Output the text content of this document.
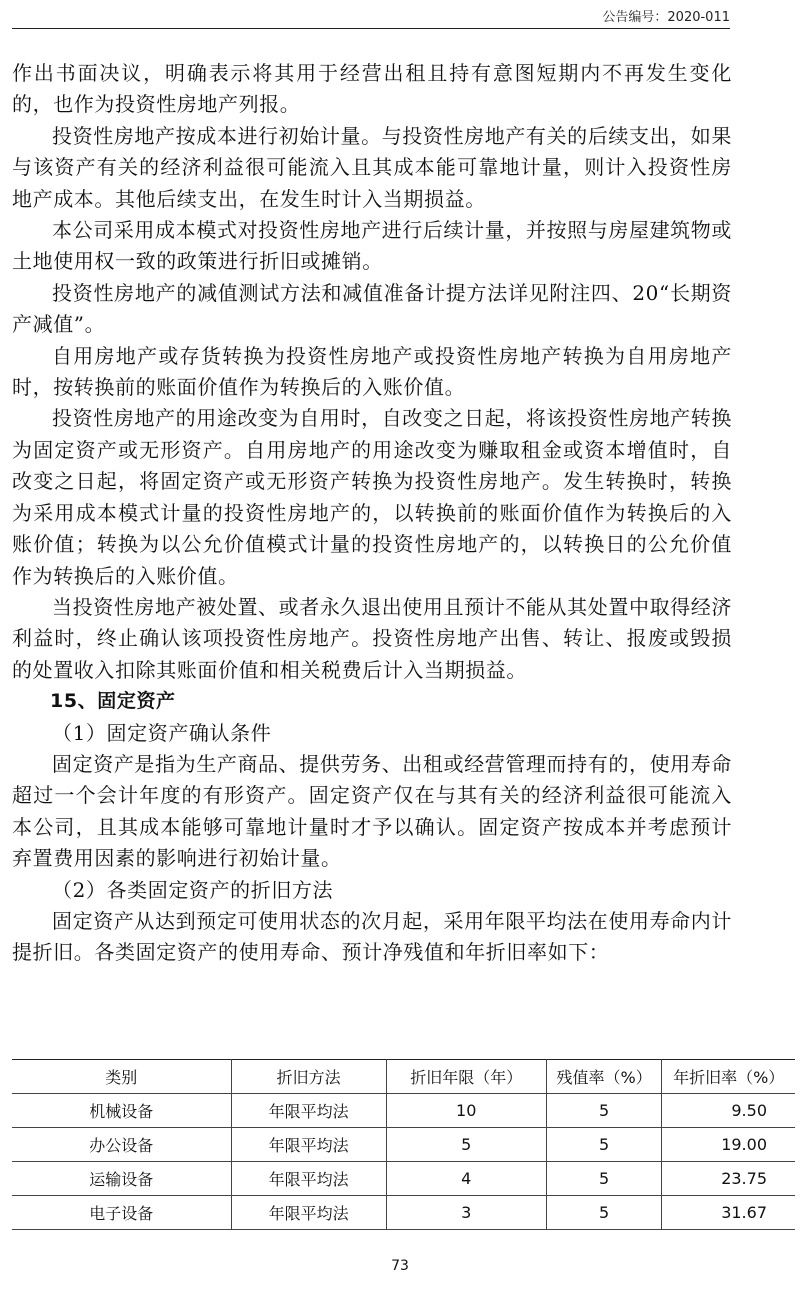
公告编号：2020-011

作出书面决议，明确表示将其用于经营出租且持有意图短期内不再发生变化的，也作为投资性房地产列报。

投资性房地产按成本进行初始计量。与投资性房地产有关的后续支出，如果与该资产有关的经济利益很可能流入且其成本能可靠地计量，则计入投资性房地产成本。其他后续支出，在发生时计入当期损益。

本公司采用成本模式对投资性房地产进行后续计量，并按照与房屋建筑物或土地使用权一致的政策进行折旧或摊销。

投资性房地产的减值测试方法和减值准备计提方法详见附注四、20“长期资产减值”。

自用房地产或存货转换为投资性房地产或投资性房地产转换为自用房地产时，按转换前的账面价值作为转换后的入账价值。

投资性房地产的用途改变为自用时，自改变之日起，将该投资性房地产转换为固定资产或无形资产。自用房地产的用途改变为赚取租金或资本增值时，自改变之日起，将固定资产或无形资产转换为投资性房地产。发生转换时，转换为采用成本模式计量的投资性房地产的，以转换前的账面价值作为转换后的入账价值；转换为以公允价值模式计量的投资性房地产的，以转换日的公允价值作为转换后的入账价值。

当投资性房地产被处置、或者永久退出使用且预计不能从其处置中取得经济利益时，终止确认该项投资性房地产。投资性房地产出售、转让、报废或毁损的处置收入扣除其账面价值和相关税费后计入当期损益。

15、固定资产

（1）固定资产确认条件

固定资产是指为生产商品、提供劳务、出租或经营管理而持有的，使用寿命超过一个会计年度的有形资产。固定资产仅在与其有关的经济利益很可能流入本公司，且其成本能够可靠地计量时才予以确认。固定资产按成本并考虑预计弃置费用因素的影响进行初始计量。

（2）各类固定资产的折旧方法

固定资产从达到预定可使用状态的次月起，采用年限平均法在使用寿命内计提折旧。各类固定资产的使用寿命、预计净残值和年折旧率如下：

类别	折旧方法	折旧年限（年）	残值率（%）	年折旧率（%）
机械设备	年限平均法	10	5	9.50
办公设备	年限平均法	5	5	19.00
运输设备	年限平均法	4	5	23.75
电子设备	年限平均法	3	5	31.67
73
